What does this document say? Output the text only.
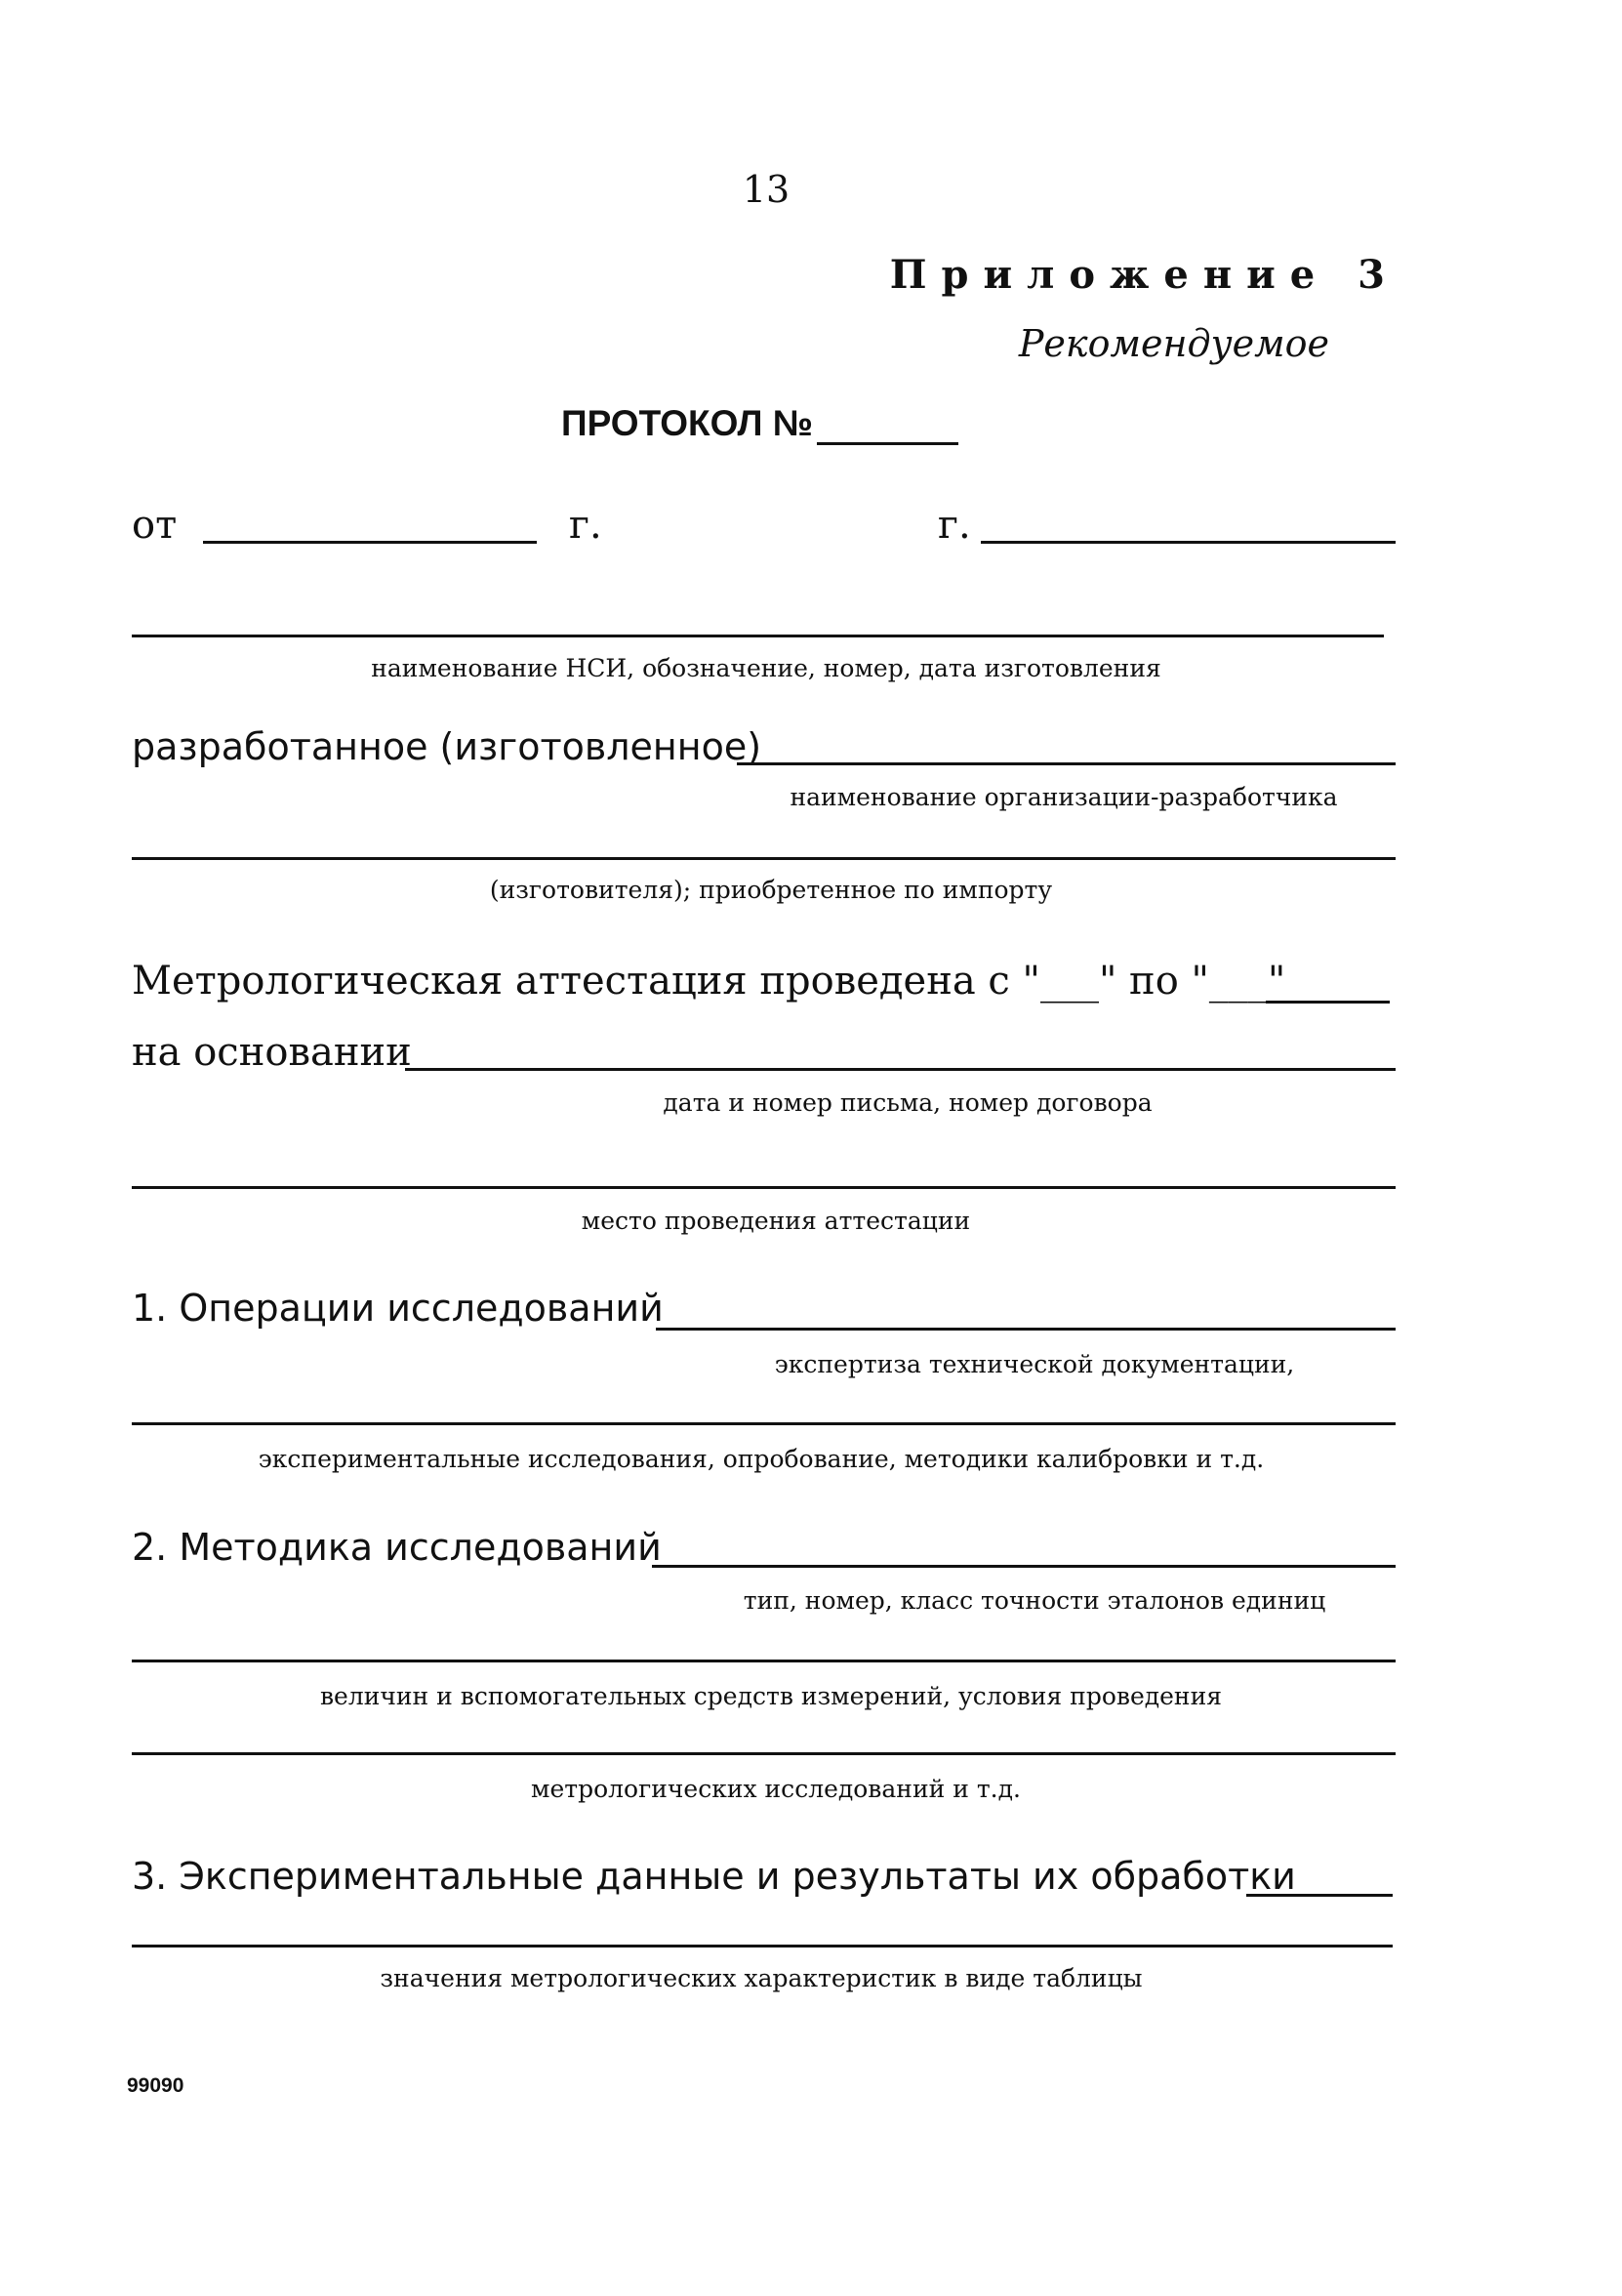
13
Приложение 3
Рекомендуемое
ПРОТОКОЛ №
от	г.	г.
наименование НСИ, обозначение, номер, дата изготовления
разработанное (изготовленное)
наименование организации-разработчика
(изготовителя); приобретенное по импорту
Метрологическая аттестация проведена с "___" по "___"
на основании
дата и номер письма, номер договора
место проведения аттестации
1. Операции исследований
экспертиза технической документации,
экспериментальные исследования, опробование, методики калибровки и т.д.
2. Методика исследований
тип, номер, класс точности эталонов единиц
величин и вспомогательных средств измерений, условия проведения
метрологических исследований и т.д.
3. Экспериментальные данные и результаты их обработки
значения метрологических характеристик в виде таблицы
99090
